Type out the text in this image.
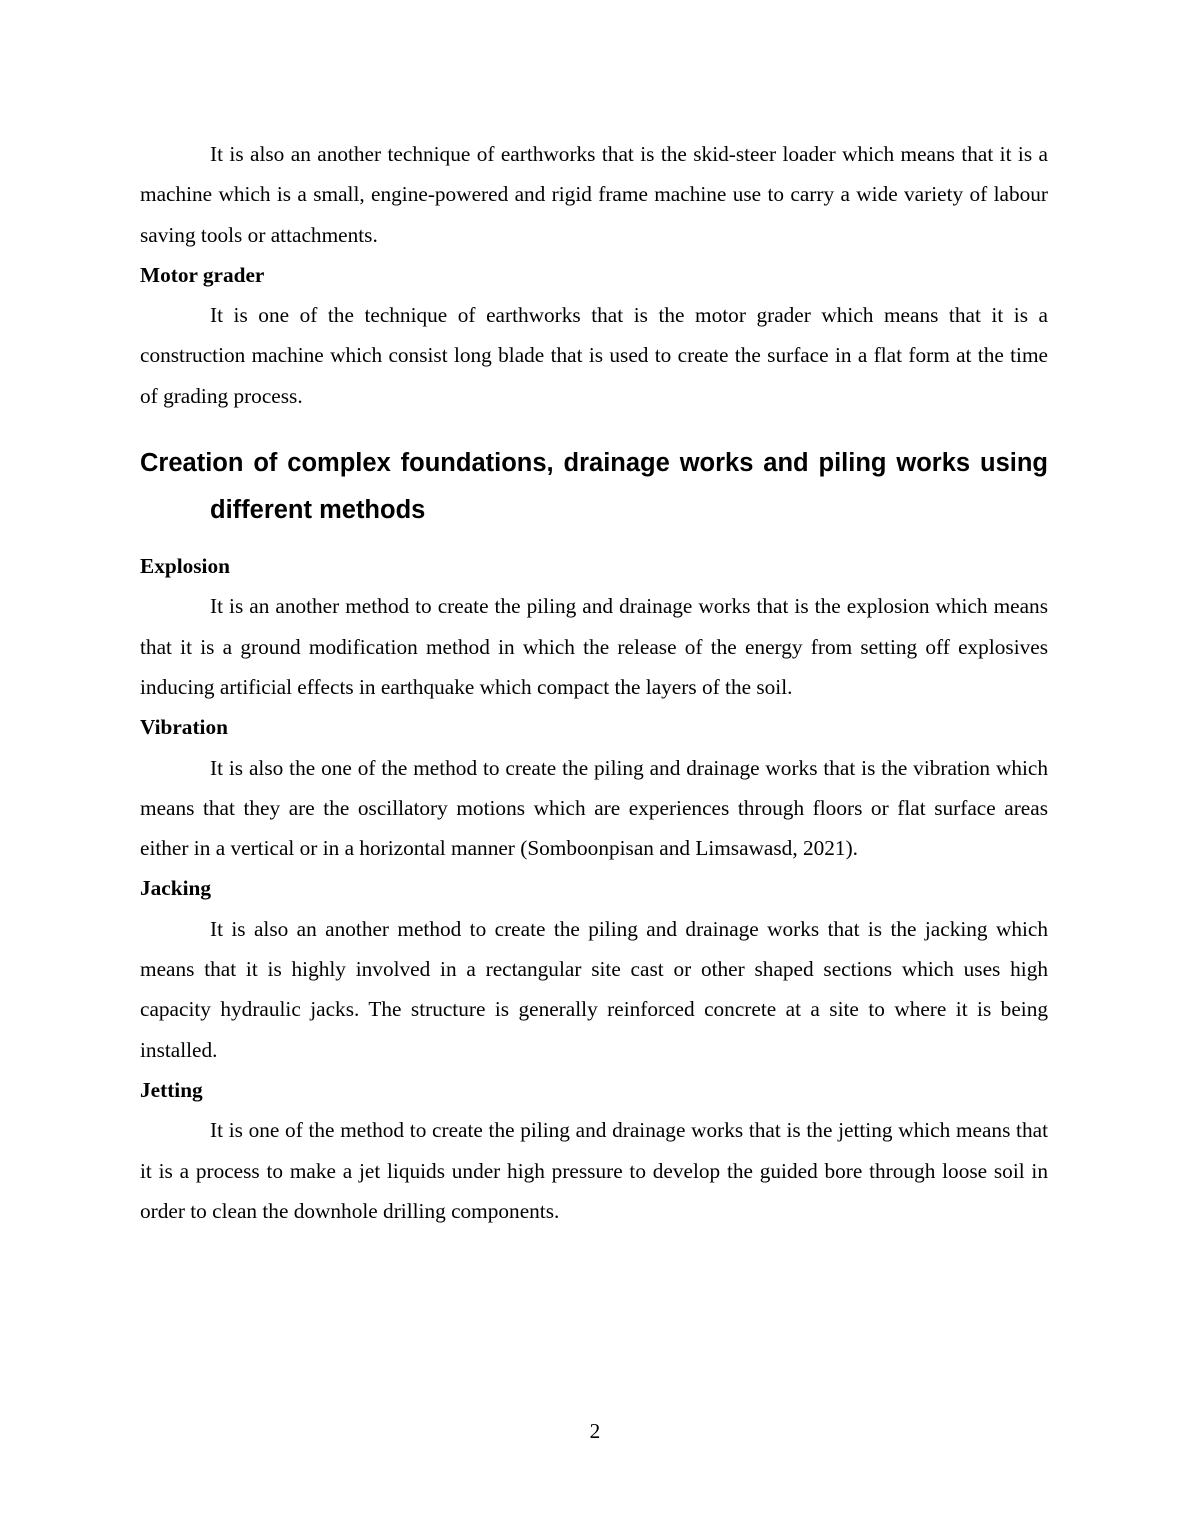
It is also an another technique of earthworks that is the skid-steer loader which means that it is a machine which is a small, engine-powered and rigid frame machine use to carry a wide variety of labour saving tools or attachments.

Motor grader

It is one of the technique of earthworks that is the motor grader which means that it is a construction machine which consist long blade that is used to create the surface in a flat form at the time of grading process.

Creation of complex foundations, drainage works and piling works using different methods

Explosion

It is an another method to create the piling and drainage works that is the explosion which means that it is a ground modification method in which the release of the energy from setting off explosives inducing artificial effects in earthquake which compact the layers of the soil.

Vibration

It is also the one of the method to create the piling and drainage works that is the vibration which means that they are the oscillatory motions which are experiences through floors or flat surface areas either in a vertical or in a horizontal manner (Somboonpisan and Limsawasd, 2021).

Jacking

It is also an another method to create the piling and drainage works that is the jacking which means that it is highly involved in a rectangular site cast or other shaped sections which uses high capacity hydraulic jacks. The structure is generally reinforced concrete at a site to where it is being installed.

Jetting

It is one of the method to create the piling and drainage works that is the jetting which means that it is a process to make a jet liquids under high pressure to develop the guided bore through loose soil in order to clean the downhole drilling components.

2
